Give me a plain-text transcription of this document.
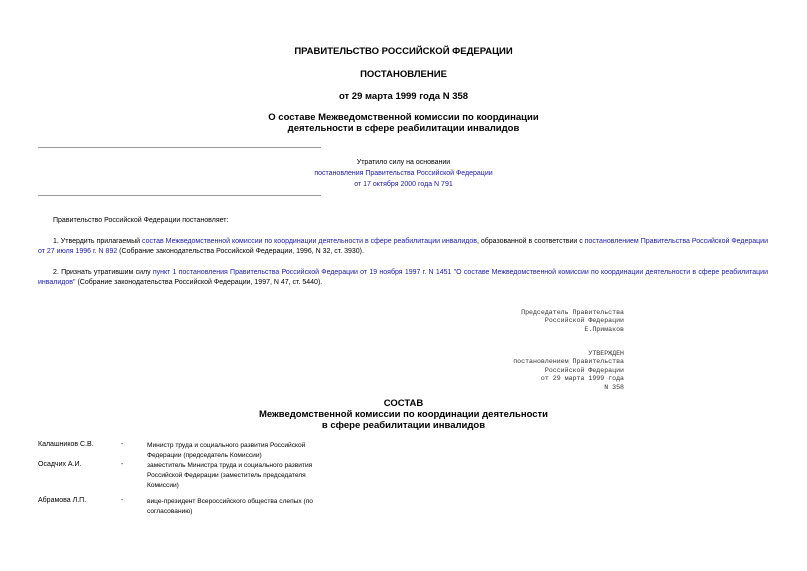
ПРАВИТЕЛЬСТВО РОССИЙСКОЙ ФЕДЕРАЦИИ
ПОСТАНОВЛЕНИЕ
от 29 марта 1999 года N 358
О составе Межведомственной комиссии по координации
деятельности в сфере реабилитации инвалидов
Утратило силу на основании
постановления Правительства Российской Федерации
от 17 октября 2000 года N 791
Правительство Российской Федерации постановляет:
1. Утвердить прилагаемый состав Межведомственной комиссии по координации деятельности в сфере реабилитации инвалидов, образованной в соответствии с постановлением Правительства Российской Федерации от 27 июля 1996 г. N 892 (Собрание законодательства Российской Федерации, 1996, N 32, ст. 3930).
2. Признать утратившим силу пункт 1 постановления Правительства Российской Федерации от 19 ноября 1997 г. N 1451 "О составе Межведомственной комиссии по координации деятельности в сфере реабилитации инвалидов" (Собрание законодательства Российской Федерации, 1997, N 47, ст. 5440).
Председатель Правительства
Российской Федерации
Е.Примаков
УТВЕРЖДЕН
постановлением Правительства
Российской Федерации
от 29 марта 1999 года
N 358
СОСТАВ
Межведомственной комиссии по координации деятельности
в сфере реабилитации инвалидов
Калашников С.В.	-	Министр труда и социального развития Российской Федерации (председатель Комиссии)
Осадчих А.И.	-	заместитель Министра труда и социального развития Российской Федерации (заместитель председателя Комиссии)
Абрамова Л.П.	-	вице-президент Всероссийского общества слепых (по согласованию)
